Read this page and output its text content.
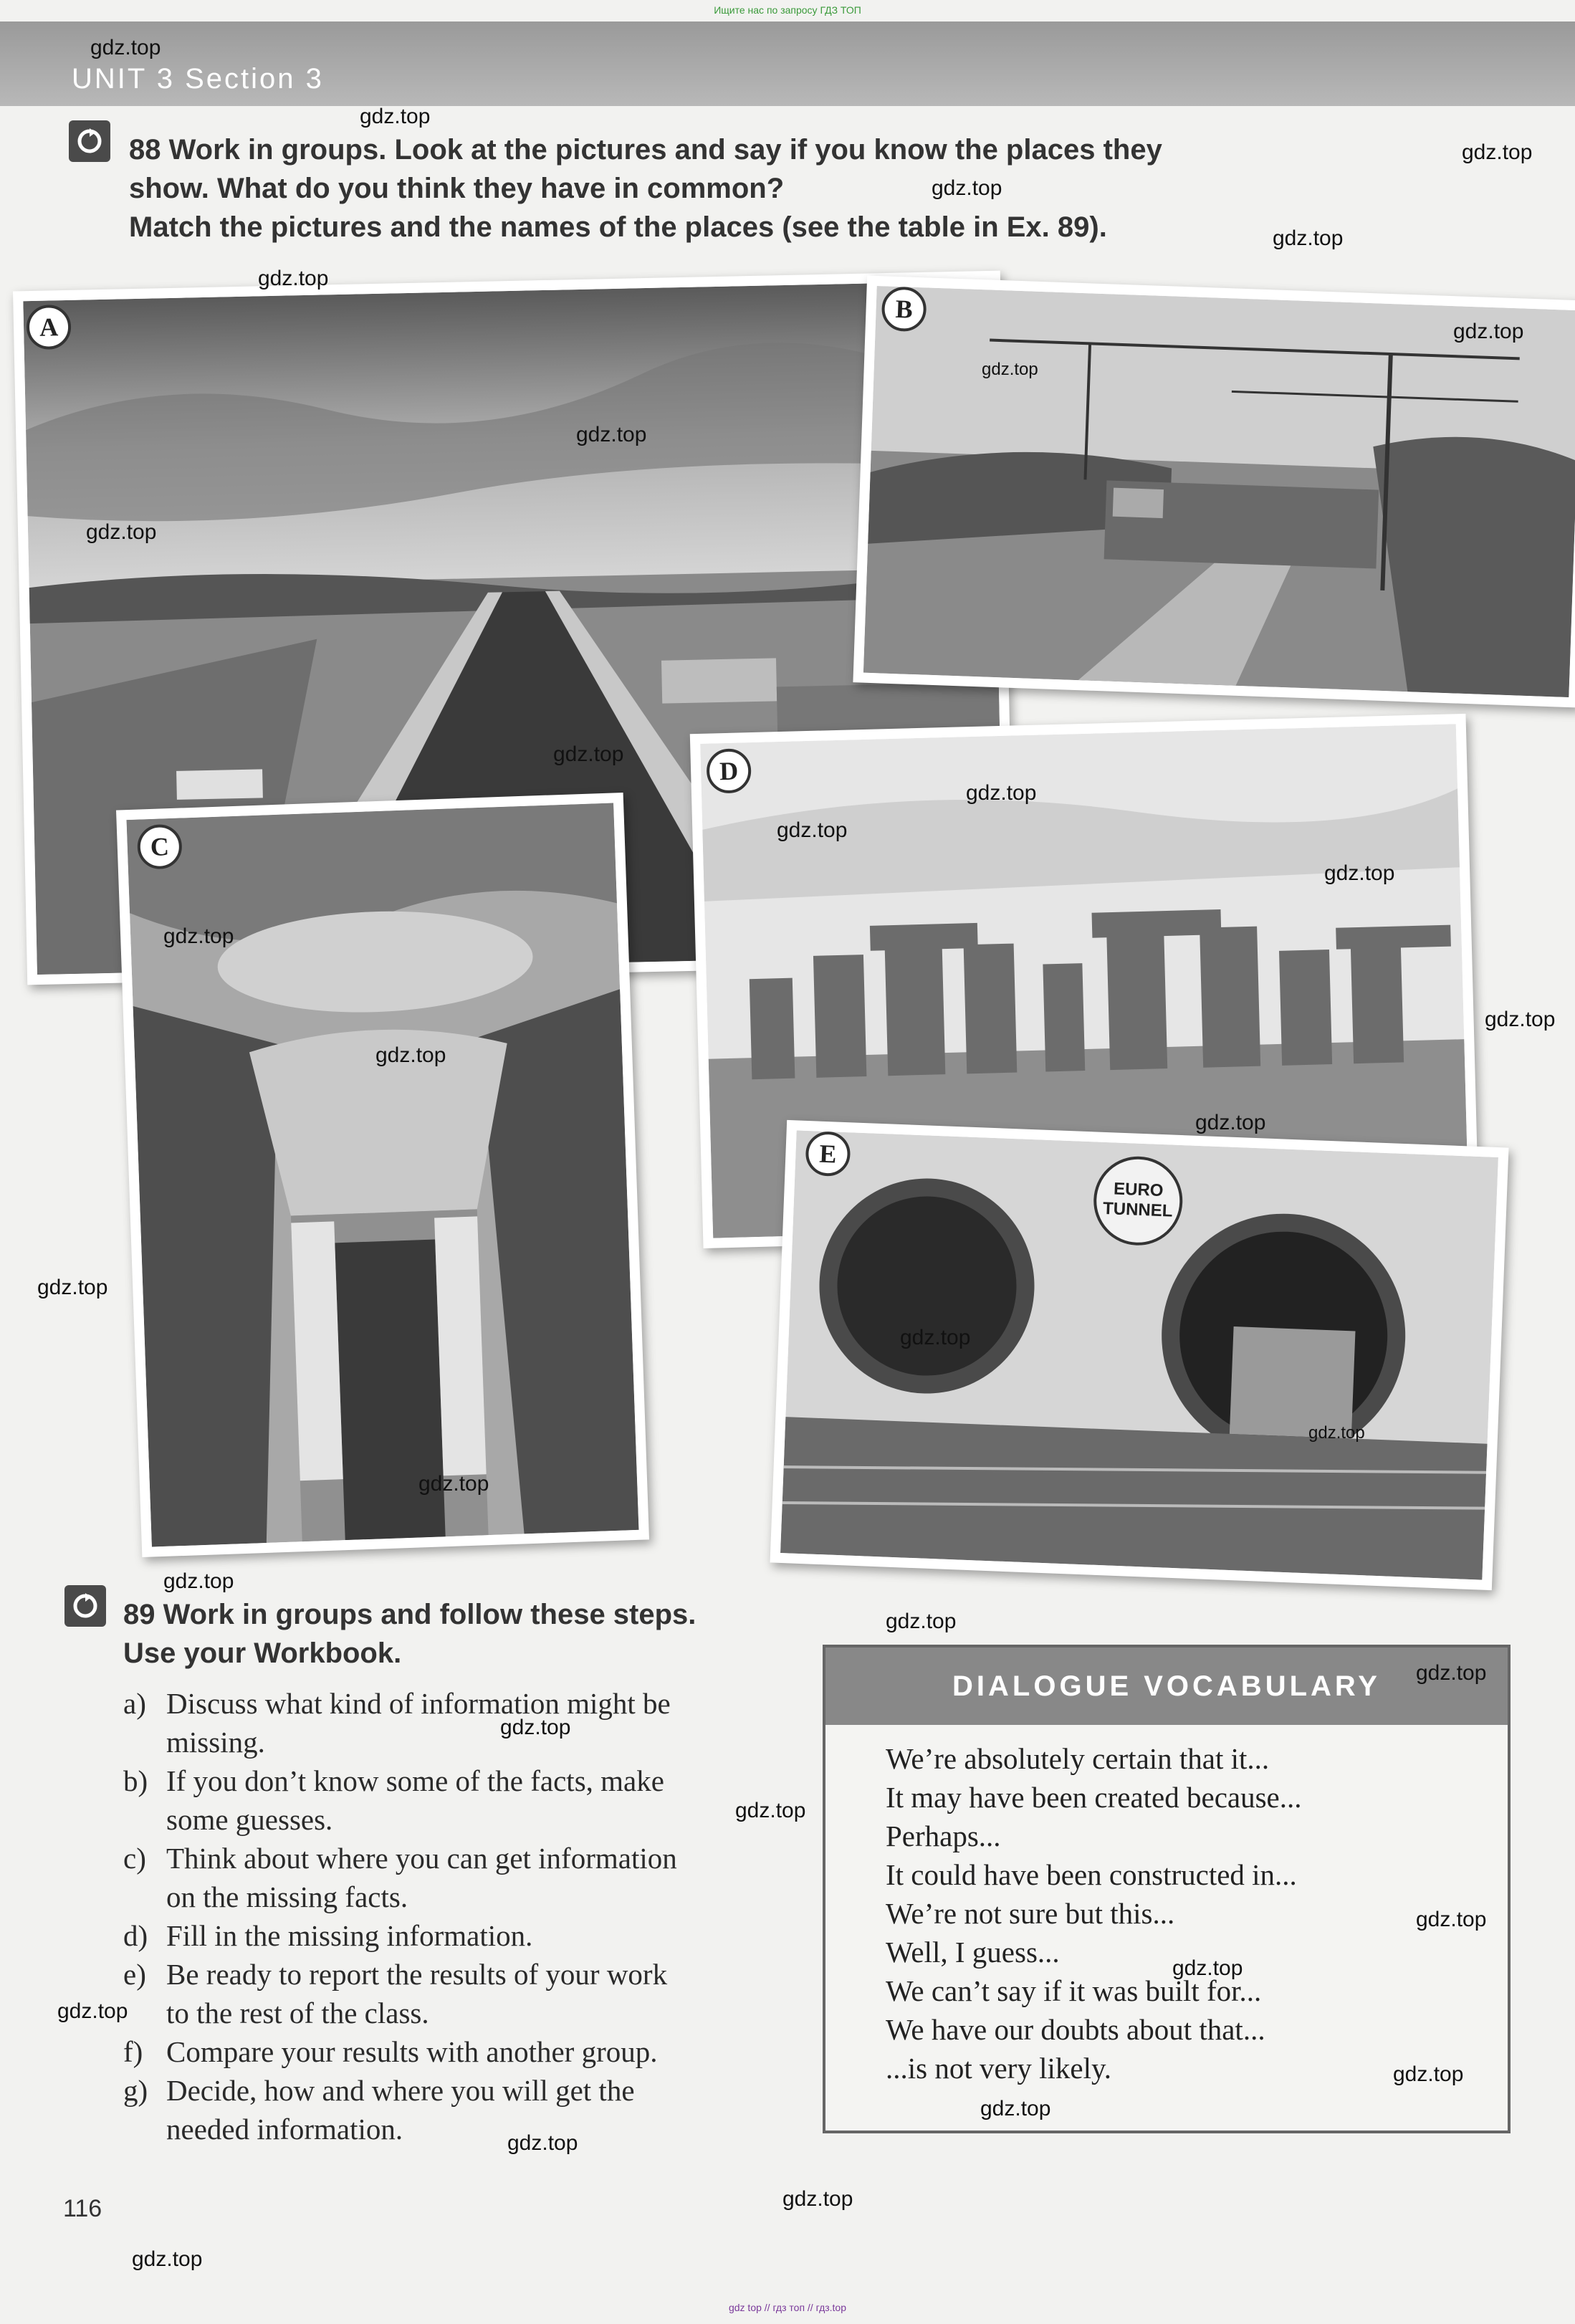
Ищите нас по запросу ГДЗ ТОП
UNIT 3 Section 3
88 Work in groups. Look at the pictures and say if you know the places they
show. What do you think they have in common?
Match the pictures and the names of the places (see the table in Ex. 89).
A
B
D
C
EURO
TUNNEL
E
89 Work in groups and follow these steps.
Use your Workbook.
a) Discuss what kind of information might be
missing.
b) If you don’t know some of the facts, make
some guesses.
c) Think about where you can get information
on the missing facts.
d) Fill in the missing information.
e) Be ready to report the results of your work
to the rest of the class.
f) Compare your results with another group.
g) Decide, how and where you will get the
needed information.
DIALOGUE VOCABULARY
We’re absolutely certain that it...
It may have been created because...
Perhaps...
It could have been constructed in...
We’re not sure but this...
Well, I guess...
We can’t say if it was built for...
We have our doubts about that...
...is not very likely.
gdz.top
gdz.top
gdz.top
gdz.top
gdz.top
gdz.top
gdz.top
gdz.top
gdz.top
gdz.top
gdz.top
gdz.top
gdz.top
gdz.top
gdz.top
gdz.top
gdz.top
gdz.top
gdz.top
gdz.top
gdz.top
gdz.top
gdz.top
gdz.top
gdz.top
gdz.top
gdz.top
gdz.top
gdz.top
gdz.top
gdz.top
gdz.top
gdz.top
gdz.top
gdz.top
116
gdz top // гдз топ // гдз.top
